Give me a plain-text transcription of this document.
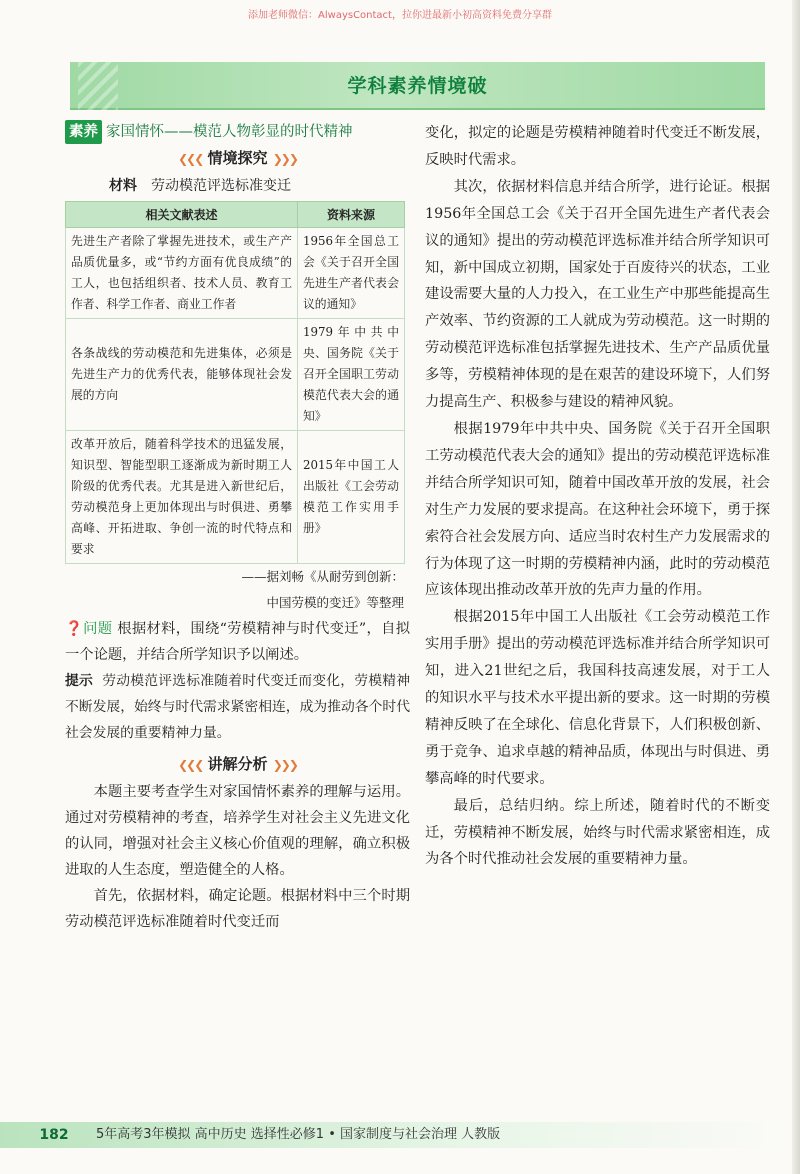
添加老师微信：AlwaysContact，拉你进最新小初高资料免费分享群
学科素养情境破
素养 家国情怀——模范人物彰显的时代精神
❮❮❮ 情境探究 ❯❯❯
材料 劳动模范评选标准变迁
相关文献表述	资料来源
先进生产者除了掌握先进技术，或生产产品质优量多，或“节约方面有优良成绩”的工人，也包括组织者、技术人员、教育工作者、科学工作者、商业工作者	1956年全国总工会《关于召开全国先进生产者代表会议的通知》
各条战线的劳动模范和先进集体，必须是先进生产力的优秀代表，能够体现社会发展的方向	1979年中共中央、国务院《关于召开全国职工劳动模范代表大会的通知》
改革开放后，随着科学技术的迅猛发展，知识型、智能型职工逐渐成为新时期工人阶级的优秀代表。尤其是进入新世纪后，劳动模范身上更加体现出与时俱进、勇攀高峰、开拓进取、争创一流的时代特点和要求	2015年中国工人出版社《工会劳动模范工作实用手册》
——据刘畅《从耐劳到创新：
中国劳模的变迁》等整理

❓问题 根据材料，围绕“劳模精神与时代变迁”，自拟一个论题，并结合所学知识予以阐述。

提示 劳动模范评选标准随着时代变迁而变化，劳模精神不断发展，始终与时代需求紧密相连，成为推动各个时代社会发展的重要精神力量。

❮❮❮ 讲解分析 ❯❯❯

本题主要考查学生对家国情怀素养的理解与运用。通过对劳模精神的考查，培养学生对社会主义先进文化的认同，增强对社会主义核心价值观的理解，确立积极进取的人生态度，塑造健全的人格。

首先，依据材料，确定论题。根据材料中三个时期劳动模范评选标准随着时代变迁而

变化，拟定的论题是劳模精神随着时代变迁不断发展，反映时代需求。

其次，依据材料信息并结合所学，进行论证。根据1956年全国总工会《关于召开全国先进生产者代表会议的通知》提出的劳动模范评选标准并结合所学知识可知，新中国成立初期，国家处于百废待兴的状态，工业建设需要大量的人力投入，在工业生产中那些能提高生产效率、节约资源的工人就成为劳动模范。这一时期的劳动模范评选标准包括掌握先进技术、生产产品质优量多等，劳模精神体现的是在艰苦的建设环境下，人们努力提高生产、积极参与建设的精神风貌。

根据1979年中共中央、国务院《关于召开全国职工劳动模范代表大会的通知》提出的劳动模范评选标准并结合所学知识可知，随着中国改革开放的发展，社会对生产力发展的要求提高。在这种社会环境下，勇于探索符合社会发展方向、适应当时农村生产力发展需求的行为体现了这一时期的劳模精神内涵，此时的劳动模范应该体现出推动改革开放的先声力量的作用。

根据2015年中国工人出版社《工会劳动模范工作实用手册》提出的劳动模范评选标准并结合所学知识可知，进入21世纪之后，我国科技高速发展，对于工人的知识水平与技术水平提出新的要求。这一时期的劳模精神反映了在全球化、信息化背景下，人们积极创新、勇于竞争、追求卓越的精神品质，体现出与时俱进、勇攀高峰的时代要求。

最后，总结归纳。综上所述，随着时代的不断变迁，劳模精神不断发展，始终与时代需求紧密相连，成为各个时代推动社会发展的重要精神力量。

182	5年高考3年模拟 高中历史 选择性必修1 • 国家制度与社会治理 人教版
